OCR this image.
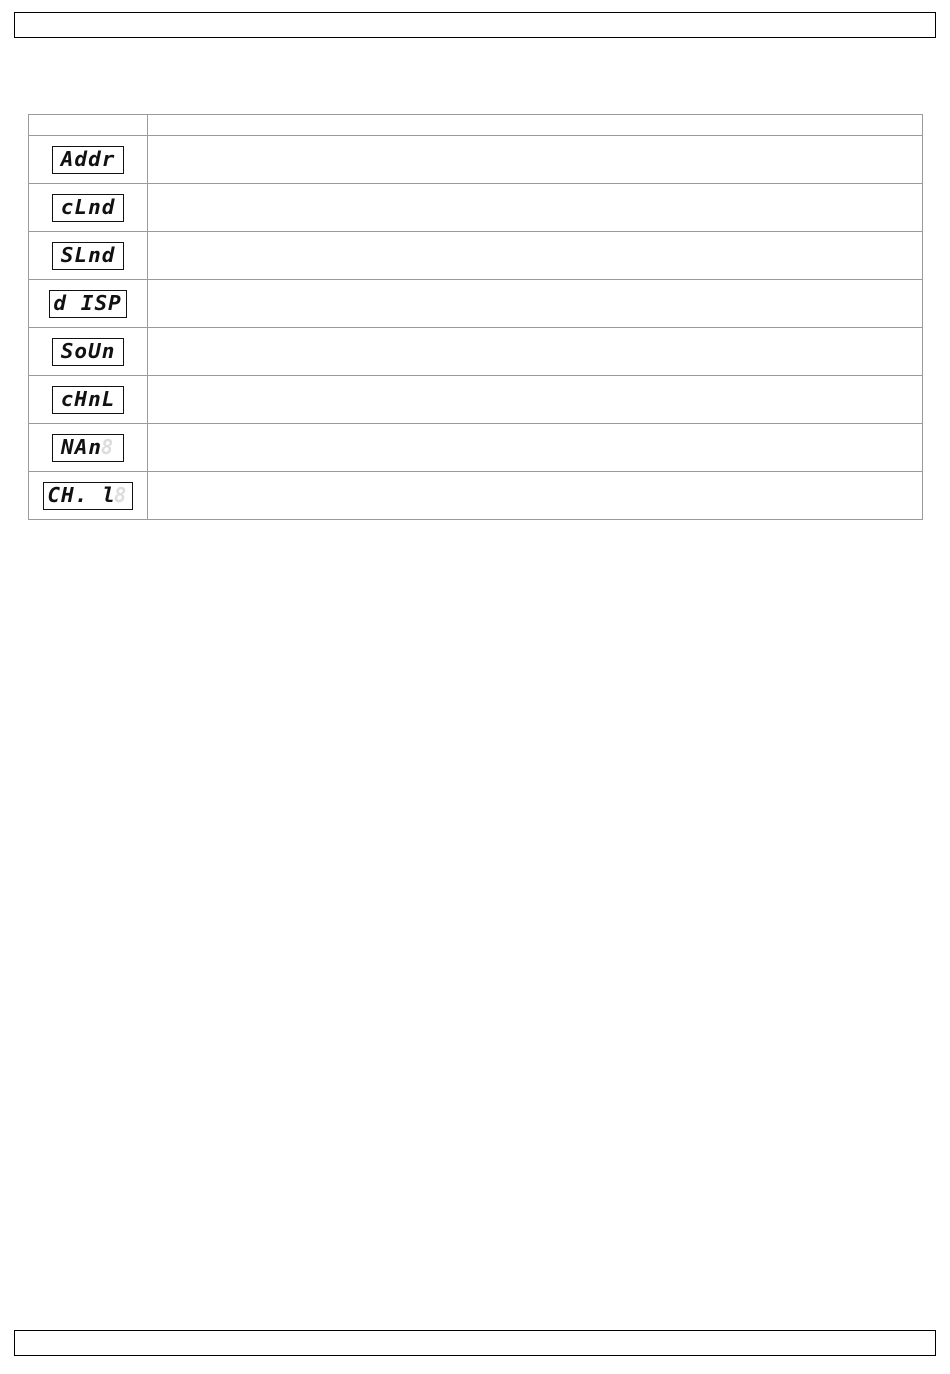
Addr	
cLnd	
SLnd	
d ISP	
SoUn	
cHnL	
NAn8	
CH. l8	
